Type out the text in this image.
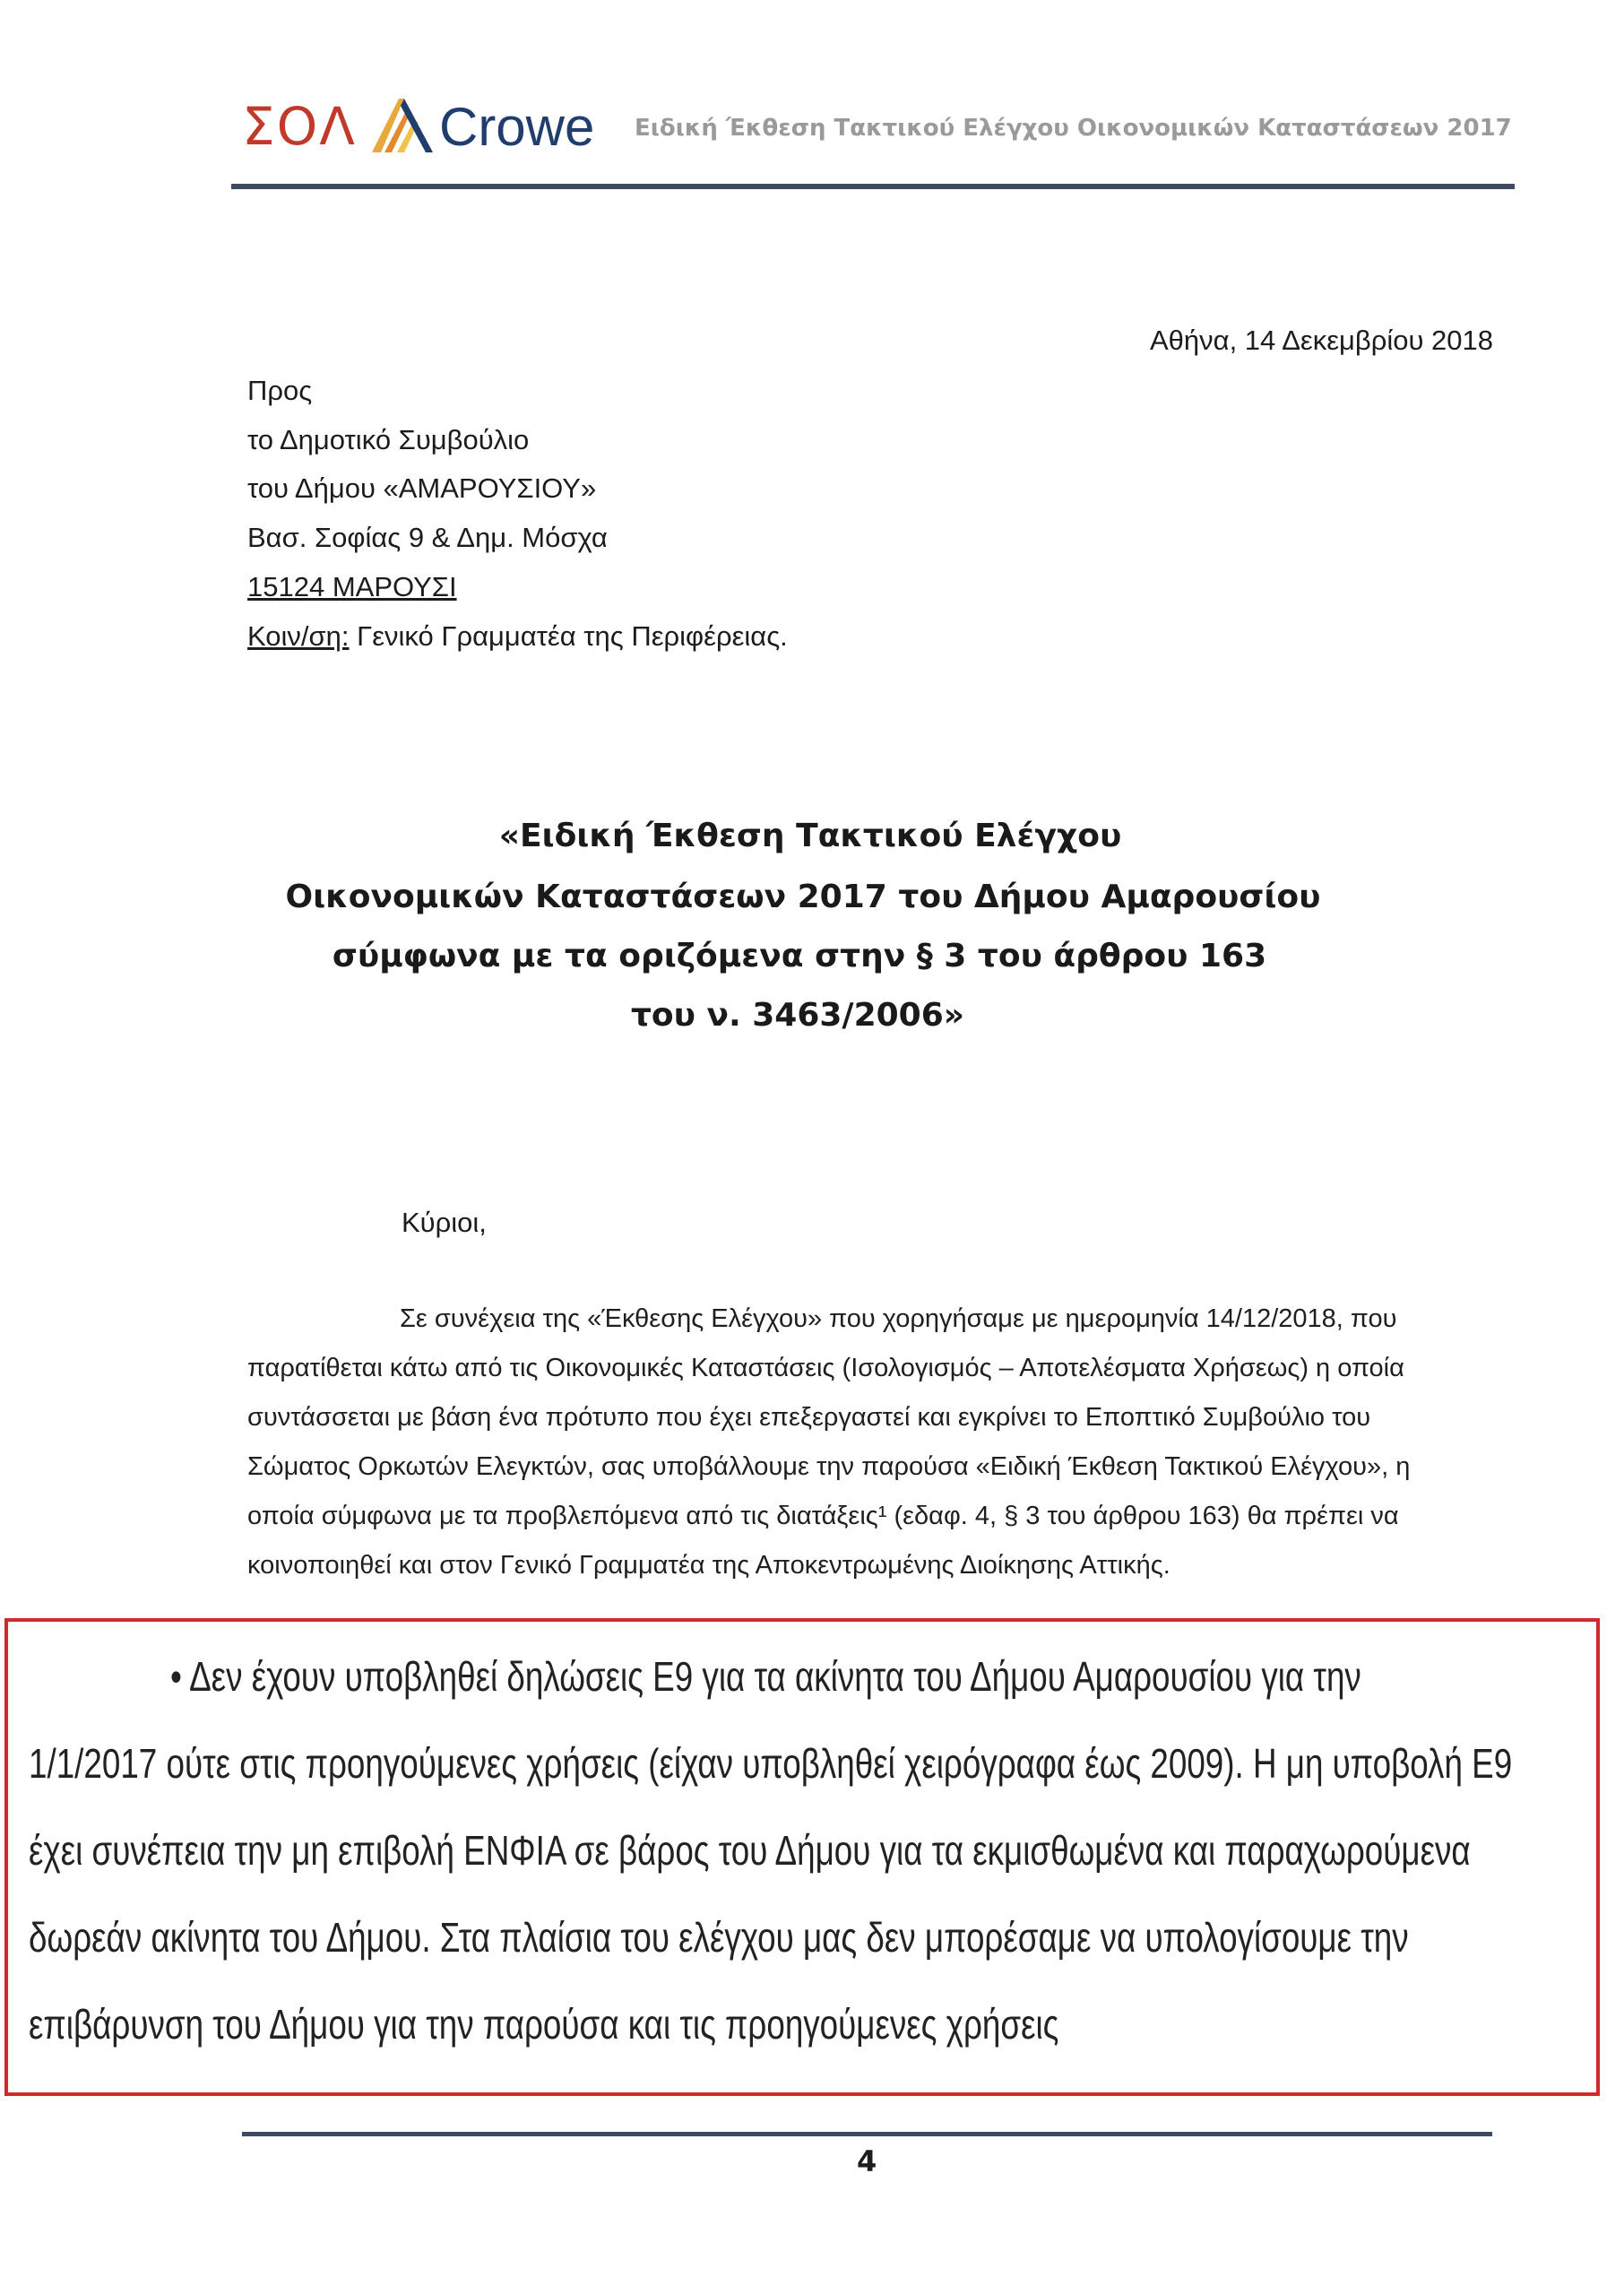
ΣΟΛ Crowe Ειδική Έκθεση Τακτικού Ελέγχου Οικονομικών Καταστάσεων 2017
Αθήνα, 14 Δεκεμβρίου 2018
Προς
το Δημοτικό Συμβούλιο
του Δήμου «ΑΜΑΡΟΥΣΙΟΥ»
Βασ. Σοφίας 9 & Δημ. Μόσχα
15124 ΜΑΡΟΥΣΙ
Κοιν/ση: Γενικό Γραμματέα της Περιφέρειας.
«Ειδική Έκθεση Τακτικού Ελέγχου
Οικονομικών Καταστάσεων 2017 του Δήμου Αμαρουσίου
σύμφωνα με τα οριζόμενα στην § 3 του άρθρου 163
του ν. 3463/2006»
Κύριοι,
Σε συνέχεια της «Έκθεσης Ελέγχου» που χορηγήσαμε με ημερομηνία 14/12/2018, που
παρατίθεται κάτω από τις Οικονομικές Καταστάσεις (Ισολογισμός – Αποτελέσματα Χρήσεως) η οποία
συντάσσεται με βάση ένα πρότυπο που έχει επεξεργαστεί και εγκρίνει το Εποπτικό Συμβούλιο του
Σώματος Ορκωτών Ελεγκτών, σας υποβάλλουμε την παρούσα «Ειδική Έκθεση Τακτικού Ελέγχου», η
οποία σύμφωνα με τα προβλεπόμενα από τις διατάξεις¹ (εδαφ. 4, § 3 του άρθρου 163) θα πρέπει να
κοινοποιηθεί και στον Γενικό Γραμματέα της Αποκεντρωμένης Διοίκησης Αττικής.
• Δεν έχουν υποβληθεί δηλώσεις Ε9 για τα ακίνητα του Δήμου Αμαρουσίου για την
1/1/2017 ούτε στις προηγούμενες χρήσεις (είχαν υποβληθεί χειρόγραφα έως 2009). Η μη υποβολή Ε9
έχει συνέπεια την μη επιβολή ΕΝΦΙΑ σε βάρος του Δήμου για τα εκμισθωμένα και παραχωρούμενα
δωρεάν ακίνητα του Δήμου. Στα πλαίσια του ελέγχου μας δεν μπορέσαμε να υπολογίσουμε την
επιβάρυνση του Δήμου για την παρούσα και τις προηγούμενες χρήσεις
4
